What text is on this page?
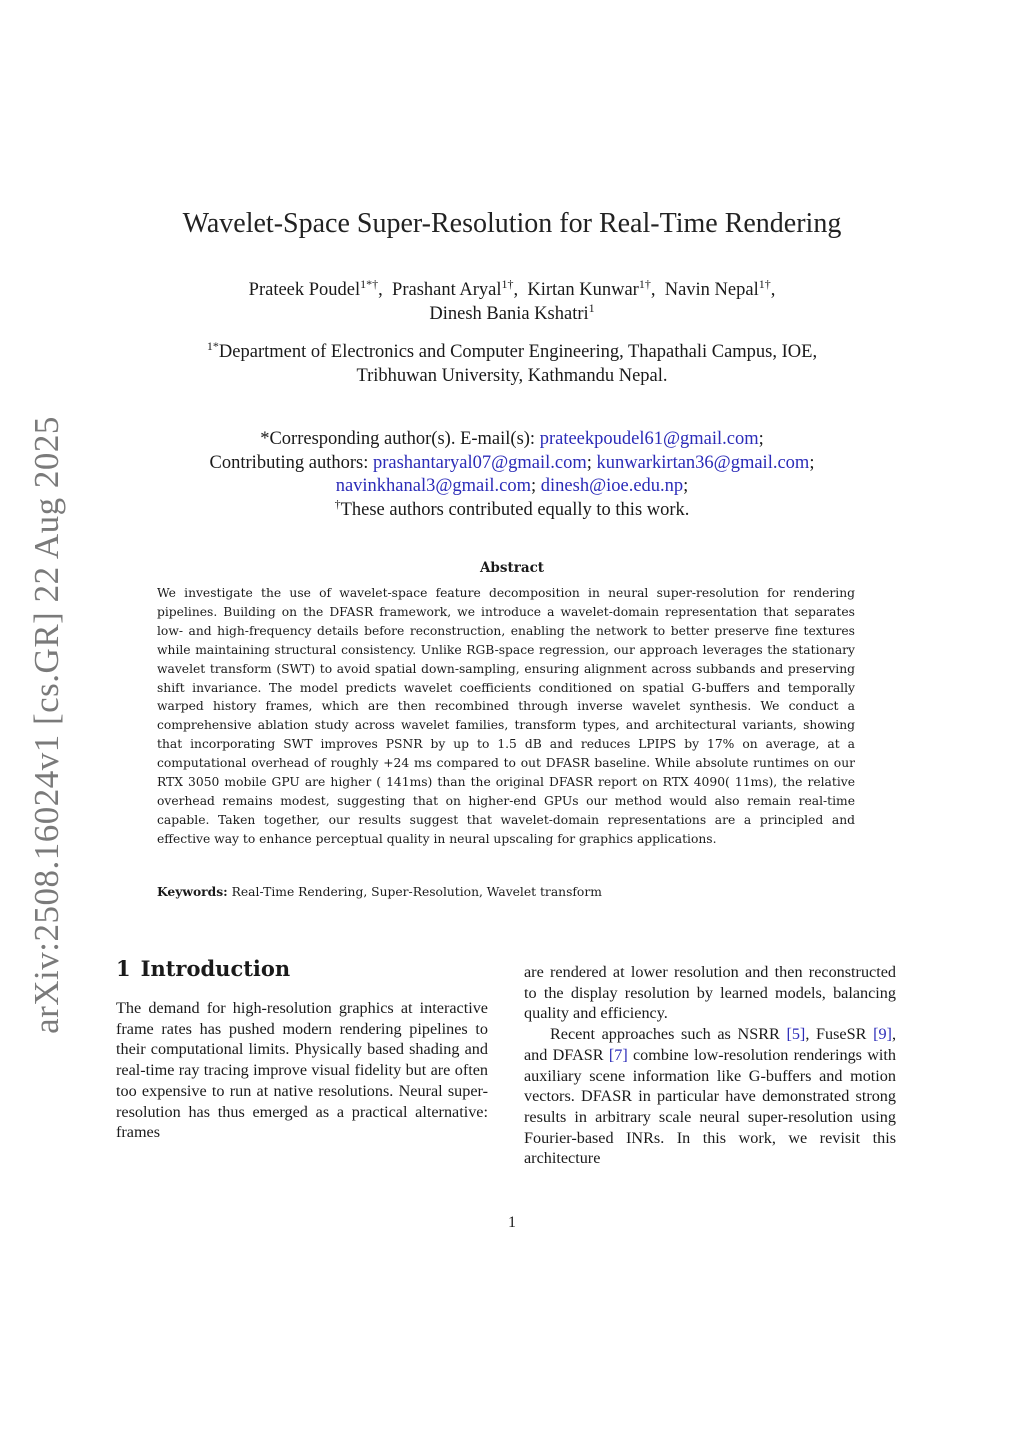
arXiv:2508.16024v1 [cs.GR] 22 Aug 2025
Wavelet-Space Super-Resolution for Real-Time Rendering
Prateek Poudel$^{1*\dagger}$,  Prashant Aryal$^{1\dagger}$,  Kirtan Kunwar$^{1\dagger}$,  Navin Nepal$^{1\dagger}$,
Dinesh Bania Kshatri$^1$
$^{1*}$Department of Electronics and Computer Engineering, Thapathali Campus, IOE,
Tribhuwan University, Kathmandu Nepal.
*Corresponding author(s). E-mail(s): prateekpoudel61@gmail.com;
Contributing authors: prashantaryal07@gmail.com; kunwarkirtan36@gmail.com;
navinkhanal3@gmail.com; dinesh@ioe.edu.np;
†These authors contributed equally to this work.
Abstract
We investigate the use of wavelet-space feature decomposition in neural super-resolution for rendering pipelines. Building on the DFASR framework, we introduce a wavelet-domain representation that separates low- and high-frequency details before reconstruction, enabling the network to better preserve fine textures while maintaining structural consistency. Unlike RGB-space regression, our approach leverages the stationary wavelet transform (SWT) to avoid spatial down-sampling, ensuring alignment across subbands and preserving shift invariance. The model predicts wavelet coefficients conditioned on spatial G-buffers and temporally warped history frames, which are then recombined through inverse wavelet synthesis. We conduct a comprehensive ablation study across wavelet families, transform types, and architectural variants, showing that incorporating SWT improves PSNR by up to 1.5 dB and reduces LPIPS by 17% on average, at a computational overhead of roughly +24 ms compared to out DFASR baseline. While absolute runtimes on our RTX 3050 mobile GPU are higher ( 141ms) than the original DFASR report on RTX 4090( 11ms), the relative overhead remains modest, suggesting that on higher-end GPUs our method would also remain real-time capable. Taken together, our results suggest that wavelet-domain representations are a principled and effective way to enhance perceptual quality in neural upscaling for graphics applications.
Keywords: Real-Time Rendering, Super-Resolution, Wavelet transform
1 Introduction

The demand for high-resolution graphics at interactive frame rates has pushed modern rendering pipelines to their computational limits. Physically based shading and real-time ray tracing improve visual fidelity but are often too expensive to run at native resolutions. Neural super-resolution has thus emerged as a practical alternative: frames

are rendered at lower resolution and then reconstructed to the display resolution by learned models, balancing quality and efficiency.

Recent approaches such as NSRR [5], FuseSR [9], and DFASR [7] combine low-resolution renderings with auxiliary scene information like G-buffers and motion vectors. DFASR in particular have demonstrated strong results in arbitrary scale neural super-resolution using Fourier-based INRs. In this work, we revisit this architecture

1
